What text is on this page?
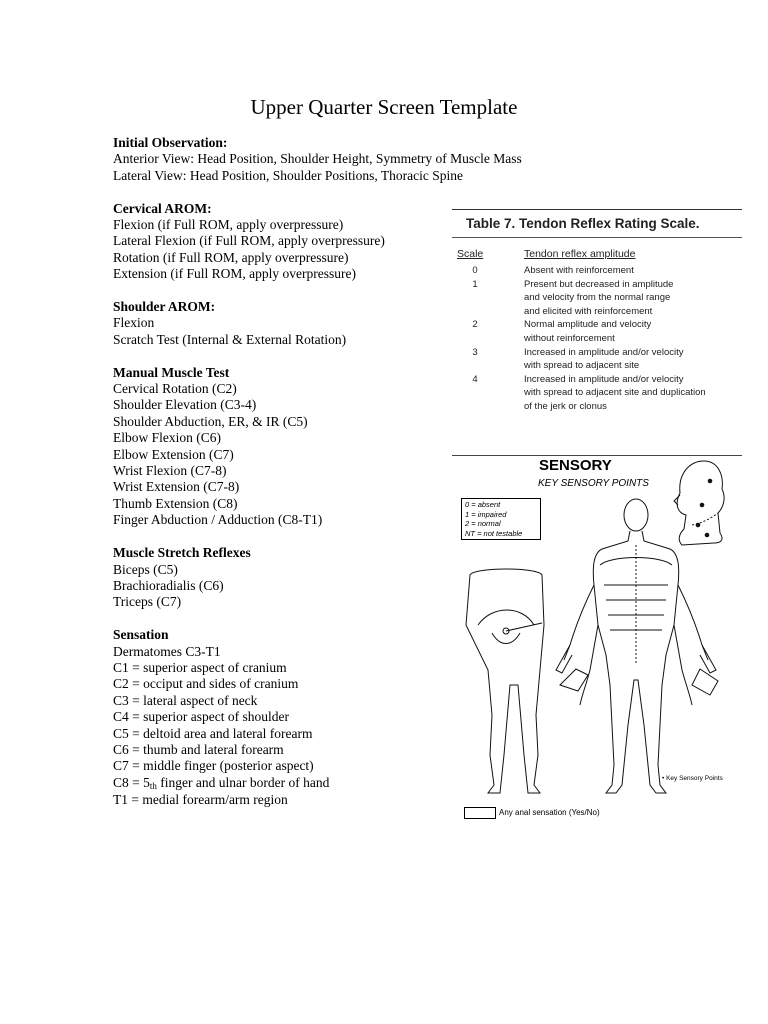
Upper Quarter Screen Template
Initial Observation:
Anterior View: Head Position, Shoulder Height, Symmetry of Muscle Mass
Lateral View: Head Position, Shoulder Positions, Thoracic Spine
Cervical AROM:
Flexion (if Full ROM, apply overpressure)
Lateral Flexion (if Full ROM, apply overpressure)
Rotation (if Full ROM, apply overpressure)
Extension (if Full ROM, apply overpressure)
Shoulder AROM:
Flexion
Scratch Test (Internal & External Rotation)
Manual Muscle Test
Cervical Rotation (C2)
Shoulder Elevation (C3-4)
Shoulder Abduction, ER, & IR (C5)
Elbow Flexion (C6)
Elbow Extension (C7)
Wrist Flexion (C7-8)
Wrist Extension (C7-8)
Thumb Extension (C8)
Finger Abduction / Adduction (C8-T1)
Muscle Stretch Reflexes
Biceps (C5)
Brachioradialis (C6)
Triceps (C7)
Sensation
Dermatomes C3-T1
C1 = superior aspect of cranium
C2 = occiput and sides of cranium
C3 = lateral aspect of neck
C4 = superior aspect of shoulder
C5 = deltoid area and lateral forearm
C6 = thumb and lateral forearm
C7 = middle finger (posterior aspect)
$C8 = 5_{th}$ finger and ulnar border of hand
T1 = medial forearm/arm region
Table 7. Tendon Reflex Rating Scale.
Scale	Tendon reflex amplitude
0	Absent with reinforcement
1	Present but decreased in amplitude
and velocity from the normal range
and elicited with reinforcement
2	Normal amplitude and velocity
without reinforcement
3	Increased in amplitude and/or velocity
with spread to adjacent site
4	Increased in amplitude and/or velocity
with spread to adjacent site and duplication
of the jerk or clonus
SENSORY
KEY SENSORY POINTS
0 = absent
1 = impaired
2 = normal
NT = not testable
• Key Sensory Points
Any anal sensation (Yes/No)
